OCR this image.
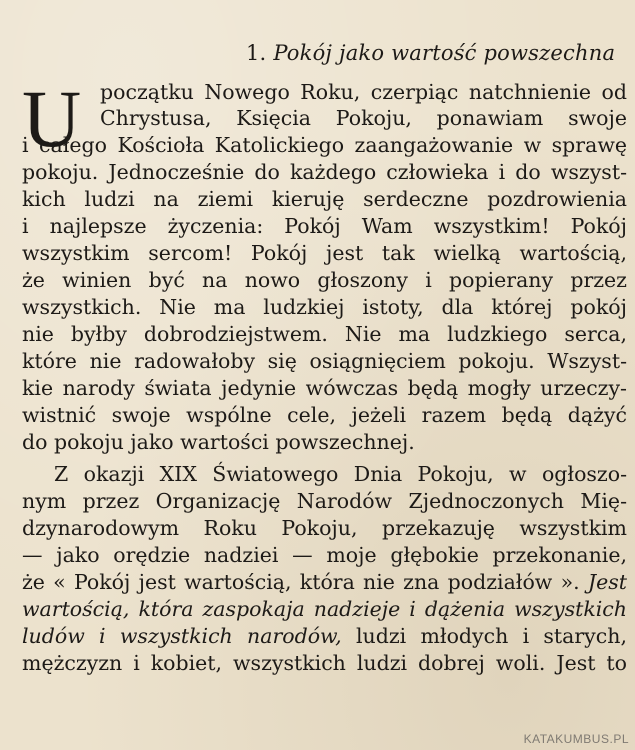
1. Pokój jako wartość powszechna
U początku Nowego Roku, czerpiąc natchnienie od
Chrystusa, Księcia Pokoju, ponawiam swoje
i całego Kościoła Katolickiego zaangażowanie w sprawę
pokoju. Jednocześnie do każdego człowieka i do wszyst-
kich ludzi na ziemi kieruję serdeczne pozdrowienia
i najlepsze życzenia: Pokój Wam wszystkim! Pokój
wszystkim sercom! Pokój jest tak wielką wartością,
że winien być na nowo głoszony i popierany przez
wszystkich. Nie ma ludzkiej istoty, dla której pokój
nie byłby dobrodziejstwem. Nie ma ludzkiego serca,
które nie radowałoby się osiągnięciem pokoju. Wszyst-
kie narody świata jedynie wówczas będą mogły urzeczy-
wistnić swoje wspólne cele, jeżeli razem będą dążyć
do pokoju jako wartości powszechnej.
Z okazji XIX Światowego Dnia Pokoju, w ogłoszo-
nym przez Organizację Narodów Zjednoczonych Mię-
dzynarodowym Roku Pokoju, przekazuję wszystkim
— jako orędzie nadziei — moje głębokie przekonanie,
że « Pokój jest wartością, która nie zna podziałów ». Jest
wartością, która zaspokaja nadzieje i dążenia wszystkich
ludów i wszystkich narodów, ludzi młodych i starych,
mężczyzn i kobiet, wszystkich ludzi dobrej woli. Jest to
KATAKUMBUS.PL
